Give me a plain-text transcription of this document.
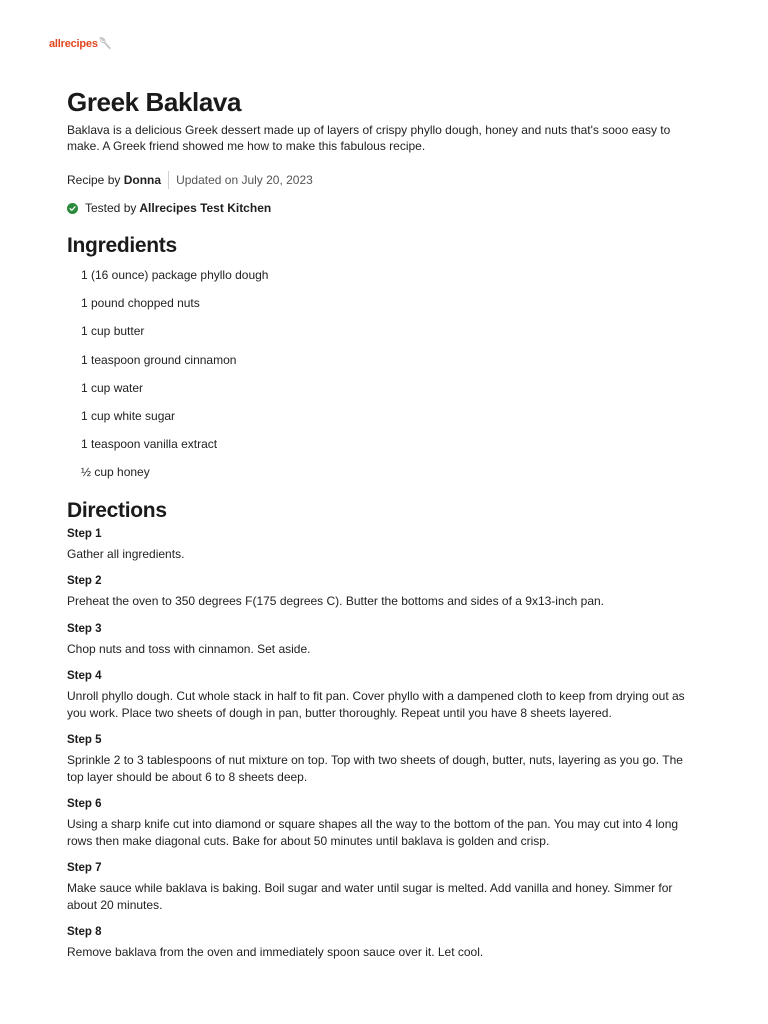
allrecipes 🥄
Greek Baklava

Baklava is a delicious Greek dessert made up of layers of crispy phyllo dough, honey and nuts that's sooo easy to make. A Greek friend showed me how to make this fabulous recipe.

Recipe by
Donna Updated on July 20, 2023
Tested by Allrecipes Test Kitchen
Ingredients
1 (16 ounce) package phyllo dough
1 pound chopped nuts
1 cup butter
1 teaspoon ground cinnamon
1 cup water
1 cup white sugar
1 teaspoon vanilla extract
½ cup honey
Directions
Step 1

Gather all ingredients.

Step 2

Preheat the oven to 350 degrees F(175 degrees C). Butter the bottoms and sides of a 9x13-inch pan.

Step 3

Chop nuts and toss with cinnamon. Set aside.

Step 4

Unroll phyllo dough. Cut whole stack in half to fit pan. Cover phyllo with a dampened cloth to keep from drying out as you work. Place two sheets of dough in pan, butter thoroughly. Repeat until you have 8 sheets layered.

Step 5

Sprinkle 2 to 3 tablespoons of nut mixture on top. Top with two sheets of dough, butter, nuts, layering as you go. The top layer should be about 6 to 8 sheets deep.

Step 6

Using a sharp knife cut into diamond or square shapes all the way to the bottom of the pan. You may cut into 4 long rows then make diagonal cuts. Bake for about 50 minutes until baklava is golden and crisp.

Step 7

Make sauce while baklava is baking. Boil sugar and water until sugar is melted. Add vanilla and honey. Simmer for about 20 minutes.

Step 8

Remove baklava from the oven and immediately spoon sauce over it. Let cool.
